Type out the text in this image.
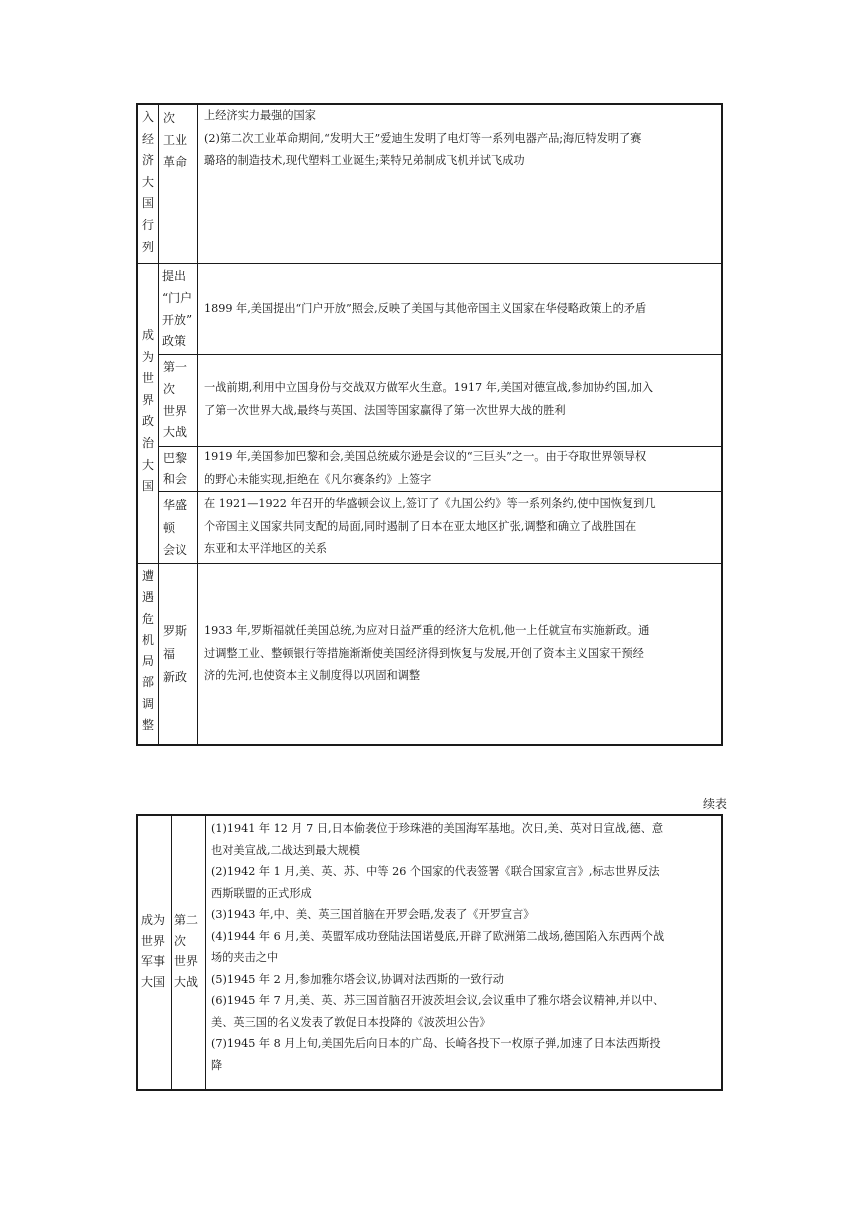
入
经
济
大
国
行
列
次
工业
革命
上经济实力最强的国家
(2)第二次工业革命期间,“发明大王”爱迪生发明了电灯等一系列电器产品;海厄特发明了赛
璐珞的制造技术,现代塑料工业诞生;莱特兄弟制成飞机并试飞成功
成
为
世
界
政
治
大
国
提出
“门户
开放”
政策
1899 年,美国提出“门户开放”照会,反映了美国与其他帝国主义国家在华侵略政策上的矛盾
第一
次
世界
大战
一战前期,利用中立国身份与交战双方做军火生意。1917 年,美国对德宣战,参加协约国,加入
了第一次世界大战,最终与英国、法国等国家赢得了第一次世界大战的胜利
巴黎
和会
1919 年,美国参加巴黎和会,美国总统威尔逊是会议的“三巨头”之一。由于夺取世界领导权
的野心未能实现,拒绝在《凡尔赛条约》上签字
华盛
顿
会议
在 1921—1922 年召开的华盛顿会议上,签订了《九国公约》等一系列条约,使中国恢复到几
个帝国主义国家共同支配的局面,同时遏制了日本在亚太地区扩张,调整和确立了战胜国在
东亚和太平洋地区的关系
遭
遇
危
机
局
部
调
整
罗斯
福
新政
1933 年,罗斯福就任美国总统,为应对日益严重的经济大危机,他一上任就宣布实施新政。通
过调整工业、整顿银行等措施渐渐使美国经济得到恢复与发展,开创了资本主义国家干预经
济的先河,也使资本主义制度得以巩固和调整
续表
成为
世界
军事
大国
第二
次
世界
大战
(1)1941 年 12 月 7 日,日本偷袭位于珍珠港的美国海军基地。次日,美、英对日宣战,德、意
也对美宣战,二战达到最大规模
(2)1942 年 1 月,美、英、苏、中等 26 个国家的代表签署《联合国家宣言》,标志世界反法
西斯联盟的正式形成
(3)1943 年,中、美、英三国首脑在开罗会晤,发表了《开罗宣言》
(4)1944 年 6 月,美、英盟军成功登陆法国诺曼底,开辟了欧洲第二战场,德国陷入东西两个战
场的夹击之中
(5)1945 年 2 月,参加雅尔塔会议,协调对法西斯的一致行动
(6)1945 年 7 月,美、英、苏三国首脑召开波茨坦会议,会议重申了雅尔塔会议精神,并以中、
美、英三国的名义发表了敦促日本投降的《波茨坦公告》
(7)1945 年 8 月上旬,美国先后向日本的广岛、长崎各投下一枚原子弹,加速了日本法西斯投
降
